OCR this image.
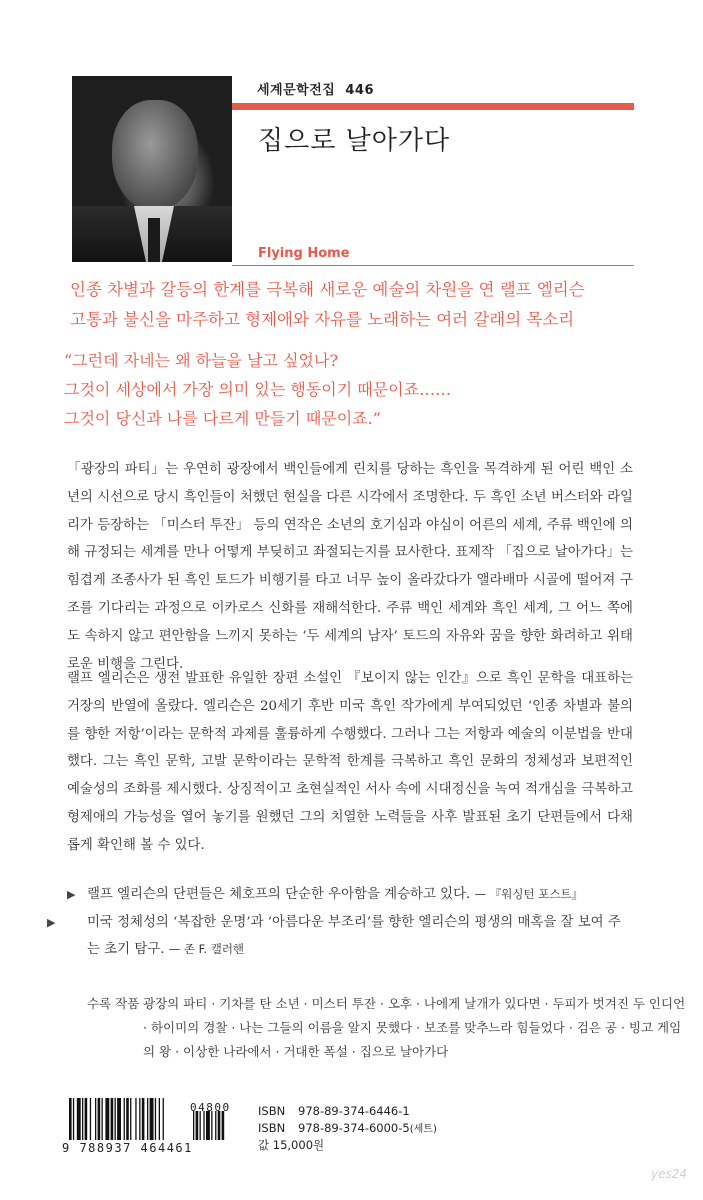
세계문학전집 446
집으로 날아가다
Flying Home
인종 차별과 갈등의 한계를 극복해 새로운 예술의 차원을 연 랠프 엘리슨
고통과 불신을 마주하고 형제애와 자유를 노래하는 여러 갈래의 목소리
“그런데 자네는 왜 하늘을 날고 싶었나?
그것이 세상에서 가장 의미 있는 행동이기 때문이죠……
그것이 당신과 나를 다르게 만들기 때문이죠.”

「광장의 파티」는 우연히 광장에서 백인들에게 린치를 당하는 흑인을 목격하게 된 어린 백인 소년의 시선으로 당시 흑인들이 처했던 현실을 다른 시각에서 조명한다. 두 흑인 소년 버스터와 라일리가 등장하는 「미스터 투잔」 등의 연작은 소년의 호기심과 야심이 어른의 세계, 주류 백인에 의해 규정되는 세계를 만나 어떻게 부딪히고 좌절되는지를 묘사한다. 표제작 「집으로 날아가다」는 힘겹게 조종사가 된 흑인 토드가 비행기를 타고 너무 높이 올라갔다가 앨라배마 시골에 떨어져 구조를 기다리는 과정으로 이카로스 신화를 재해석한다. 주류 백인 세계와 흑인 세계, 그 어느 쪽에도 속하지 않고 편안함을 느끼지 못하는 ‘두 세계의 남자’ 토드의 자유와 꿈을 향한 화려하고 위태로운 비행을 그린다.

랠프 엘리슨은 생전 발표한 유일한 장편 소설인 『보이지 않는 인간』으로 흑인 문학을 대표하는 거장의 반열에 올랐다. 엘리슨은 20세기 후반 미국 흑인 작가에게 부여되었던 ‘인종 차별과 불의를 향한 저항’이라는 문학적 과제를 훌륭하게 수행했다. 그러나 그는 저항과 예술의 이분법을 반대했다. 그는 흑인 문학, 고발 문학이라는 문학적 한계를 극복하고 흑인 문화의 정체성과 보편적인 예술성의 조화를 제시했다. 상징적이고 초현실적인 서사 속에 시대정신을 녹여 적개심을 극복하고 형제애의 가능성을 열어 놓기를 원했던 그의 치열한 노력들을 사후 발표된 초기 단편들에서 다채롭게 확인해 볼 수 있다.

▶ 랠프 엘리슨의 단편들은 체호프의 단순한 우아함을 계승하고 있다. — 『워싱턴 포스트』
▶ 미국 정체성의 ‘복잡한 운명’과 ‘아름다운 부조리’를 향한 엘리슨의 평생의 매혹을 잘 보여 주는 초기 탐구. — 존 F. 캘러핸
수록 작품 광장의 파티 · 기차를 탄 소년 · 미스터 투잔 · 오후 · 나에게 날개가 있다면 · 두피가 벗겨진 두 인디언 · 하이미의 경찰 · 나는 그들의 이름을 알지 못했다 · 보조를 맞추느라 힘들었다 · 검은 공 · 빙고 게임의 왕 · 이상한 나라에서 · 거대한 폭설 · 집으로 날아가다
9 788937 464461
04800 ISBN 978-89-374-6446-1
ISBN 978-89-374-6000-5(세트)
값 15,000원
yes24
